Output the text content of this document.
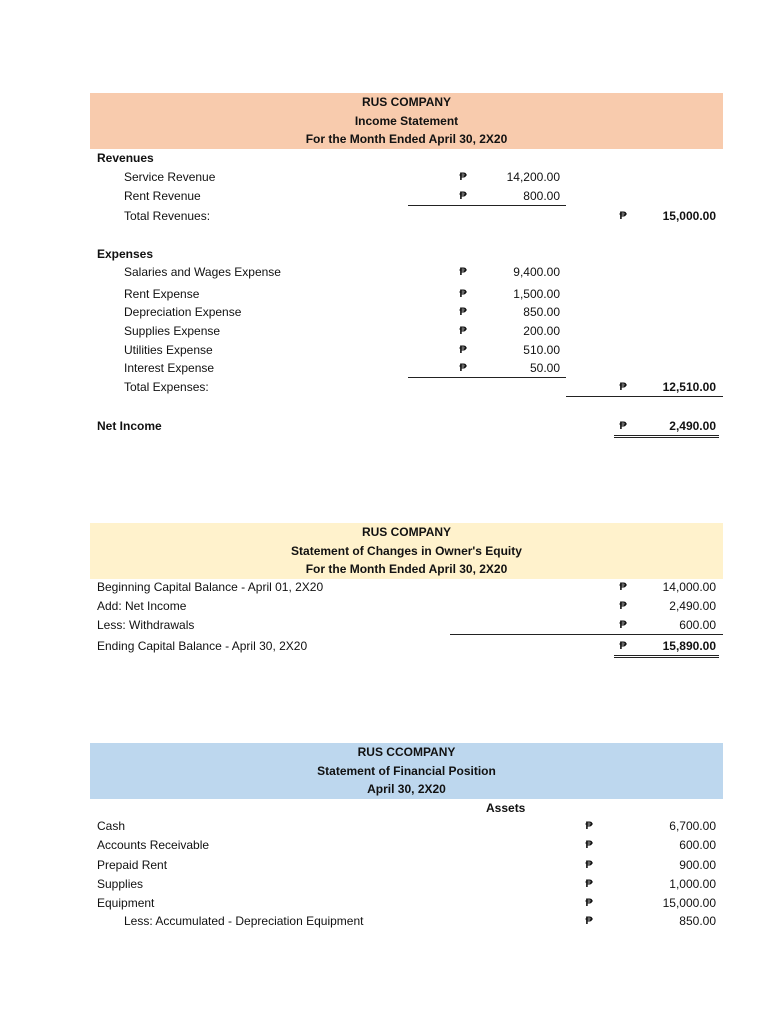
RUS COMPANY
Income Statement
For the Month Ended April 30, 2X20
Revenues
Service Revenue	₱	14,200.00
Rent Revenue	₱	800.00
Total Revenues:	₱	15,000.00
Expenses
Salaries and Wages Expense	₱	9,400.00
Rent Expense	₱	1,500.00
Depreciation Expense	₱	850.00
Supplies Expense	₱	200.00
Utilities Expense	₱	510.00
Interest Expense	₱	50.00
Total Expenses:	₱	12,510.00
Net Income	₱	2,490.00
RUS COMPANY
Statement of Changes in Owner's Equity
For the Month Ended April 30, 2X20
Beginning Capital Balance - April 01, 2X20	₱	14,000.00
Add: Net Income	₱	2,490.00
Less: Withdrawals	₱	600.00
Ending Capital Balance - April 30, 2X20	₱	15,890.00
RUS CCOMPANY
Statement of Financial Position
April 30, 2X20
Assets
Cash	₱	6,700.00
Accounts Receivable	₱	600.00
Prepaid Rent	₱	900.00
Supplies	₱	1,000.00
Equipment	₱	15,000.00
Less: Accumulated - Depreciation Equipment	₱	850.00
